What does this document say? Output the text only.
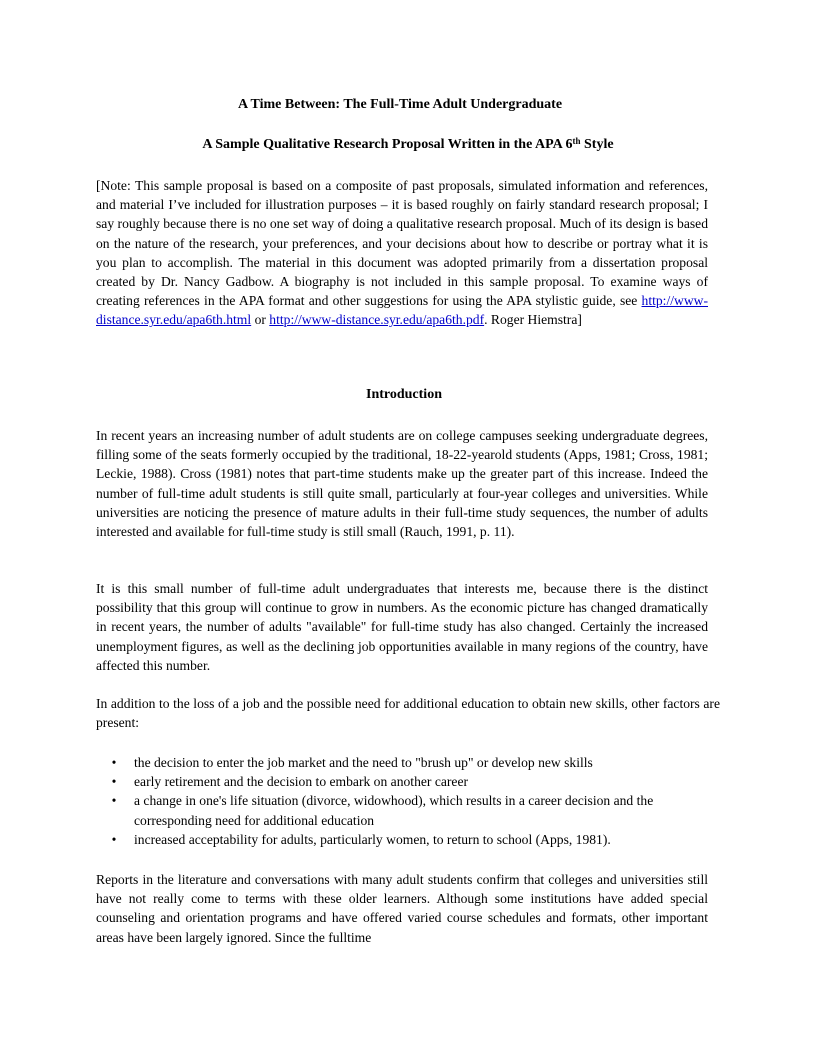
A Time Between: The Full-Time Adult Undergraduate
A Sample Qualitative Research Proposal Written in the APA 6th Style

[Note: This sample proposal is based on a composite of past proposals, simulated information and references, and material I’ve included for illustration purposes – it is based roughly on fairly standard research proposal; I say roughly because there is no one set way of doing a qualitative research proposal. Much of its design is based on the nature of the research, your preferences, and your decisions about how to describe or portray what it is you plan to accomplish. The material in this document was adopted primarily from a dissertation proposal created by Dr. Nancy Gadbow. A biography is not included in this sample proposal. To examine ways of creating references in the APA format and other suggestions for using the APA stylistic guide, see http://www-distance.syr.edu/apa6th.html or http://www-distance.syr.edu/apa6th.pdf. Roger Hiemstra]

Introduction

In recent years an increasing number of adult students are on college campuses seeking undergraduate degrees, filling some of the seats formerly occupied by the traditional, 18-22-yearold students (Apps, 1981; Cross, 1981; Leckie, 1988). Cross (1981) notes that part-time students make up the greater part of this increase. Indeed the number of full-time adult students is still quite small, particularly at four-year colleges and universities. While universities are noticing the presence of mature adults in their full-time study sequences, the number of adults interested and available for full-time study is still small (Rauch, 1991, p. 11).

It is this small number of full-time adult undergraduates that interests me, because there is the distinct possibility that this group will continue to grow in numbers. As the economic picture has changed dramatically in recent years, the number of adults "available" for full-time study has also changed. Certainly the increased unemployment figures, as well as the declining job opportunities available in many regions of the country, have affected this number.

In addition to the loss of a job and the possible need for additional education to obtain new skills, other factors are present:

• the decision to enter the job market and the need to "brush up" or develop new skills
• early retirement and the decision to embark on another career
• a change in one's life situation (divorce, widowhood), which results in a career decision and the corresponding need for additional education
• increased acceptability for adults, particularly women, to return to school (Apps, 1981).

Reports in the literature and conversations with many adult students confirm that colleges and universities still have not really come to terms with these older learners. Although some institutions have added special counseling and orientation programs and have offered varied course schedules and formats, other important areas have been largely ignored. Since the fulltime
